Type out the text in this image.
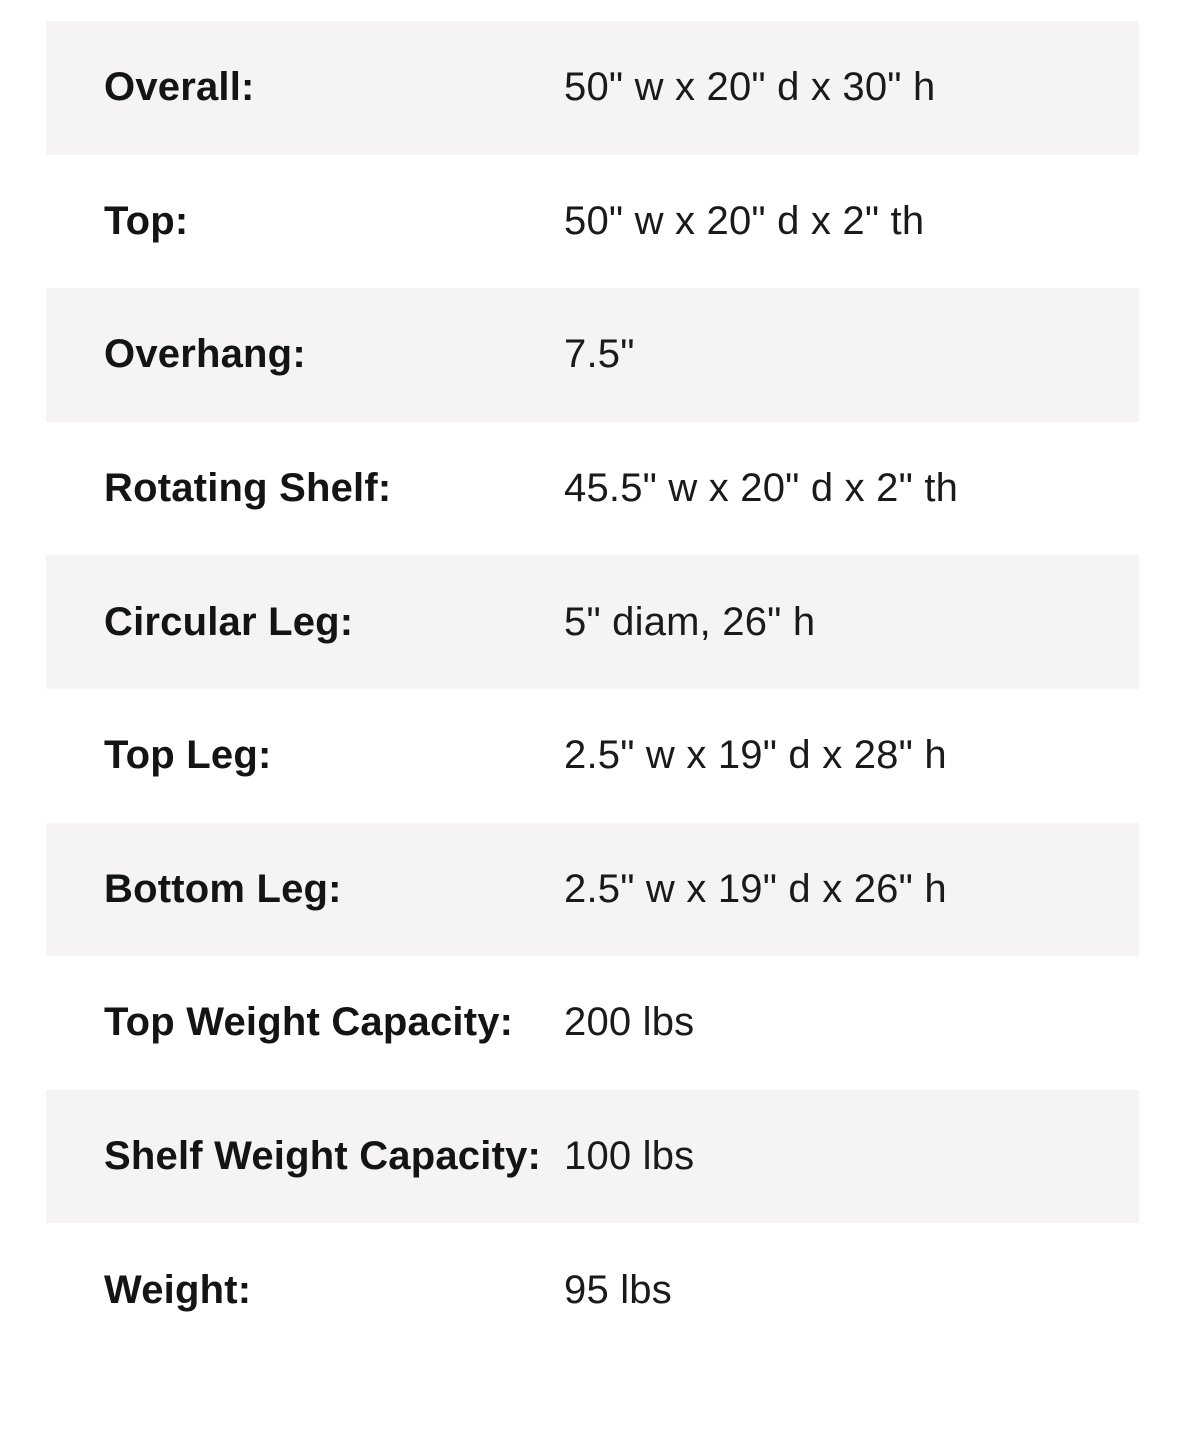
Overall:	50" w x 20" d x 30" h
Top:	50" w x 20" d x 2" th
Overhang:	7.5"
Rotating Shelf:	45.5" w x 20" d x 2" th
Circular Leg:	5" diam, 26" h
Top Leg:	2.5" w x 19" d x 28" h
Bottom Leg:	2.5" w x 19" d x 26" h
Top Weight Capacity:	200 lbs
Shelf Weight Capacity: 100 lbs
Weight:	95 lbs
